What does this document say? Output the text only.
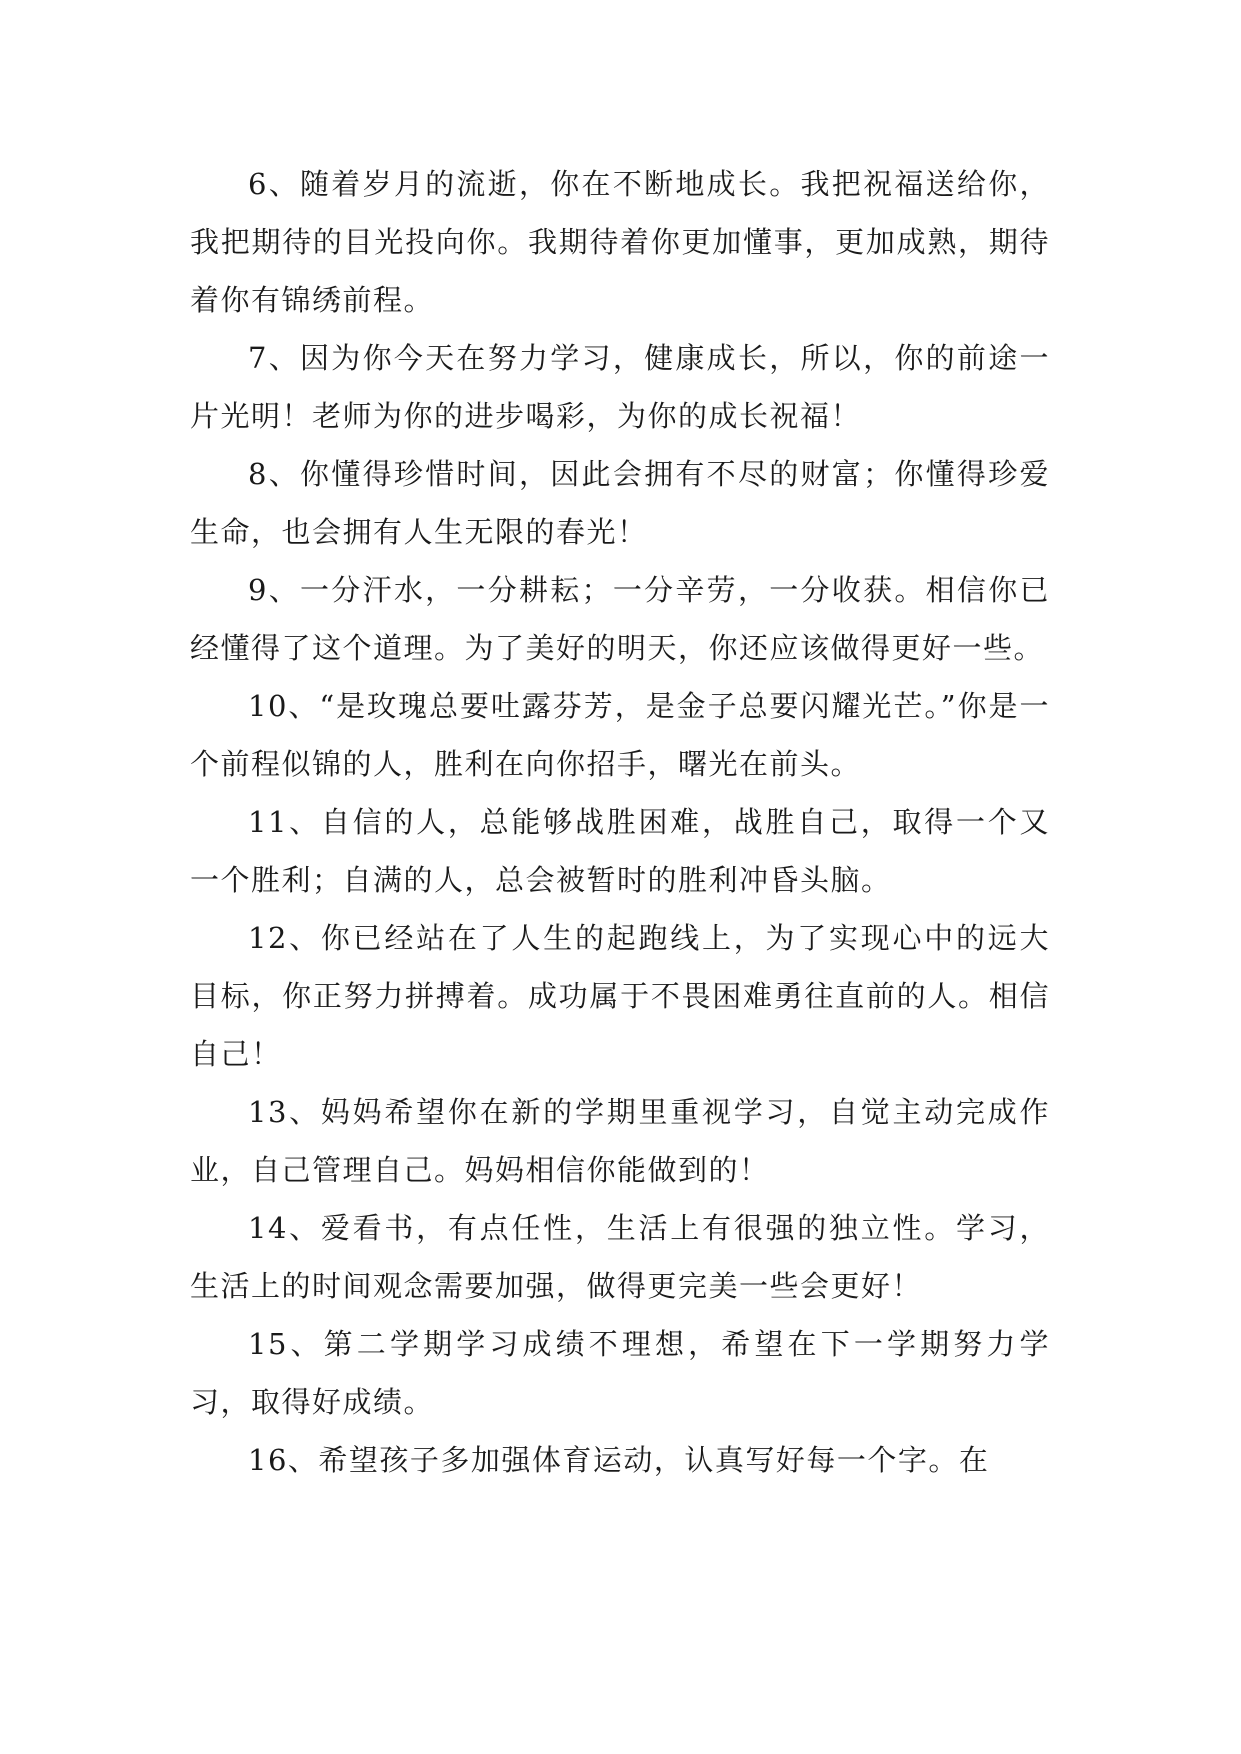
6、随着岁月的流逝，你在不断地成长。我把祝福送给你，我把期待的目光投向你。我期待着你更加懂事，更加成熟，期待着你有锦绣前程。

7、因为你今天在努力学习，健康成长，所以，你的前途一片光明！老师为你的进步喝彩，为你的成长祝福！

8、你懂得珍惜时间，因此会拥有不尽的财富；你懂得珍爱生命，也会拥有人生无限的春光！

9、一分汗水，一分耕耘；一分辛劳，一分收获。相信你已经懂得了这个道理。为了美好的明天，你还应该做得更好一些。

10、“是玫瑰总要吐露芬芳，是金子总要闪耀光芒。”你是一个前程似锦的人，胜利在向你招手，曙光在前头。

11、自信的人，总能够战胜困难，战胜自己，取得一个又一个胜利；自满的人，总会被暂时的胜利冲昏头脑。

12、你已经站在了人生的起跑线上，为了实现心中的远大目标，你正努力拼搏着。成功属于不畏困难勇往直前的人。相信自己！

13、妈妈希望你在新的学期里重视学习，自觉主动完成作业，自己管理自己。妈妈相信你能做到的！

14、爱看书，有点任性，生活上有很强的独立性。学习，生活上的时间观念需要加强，做得更完美一些会更好！

15、第二学期学习成绩不理想，希望在下一学期努力学习，取得好成绩。

16、希望孩子多加强体育运动，认真写好每一个字。在
